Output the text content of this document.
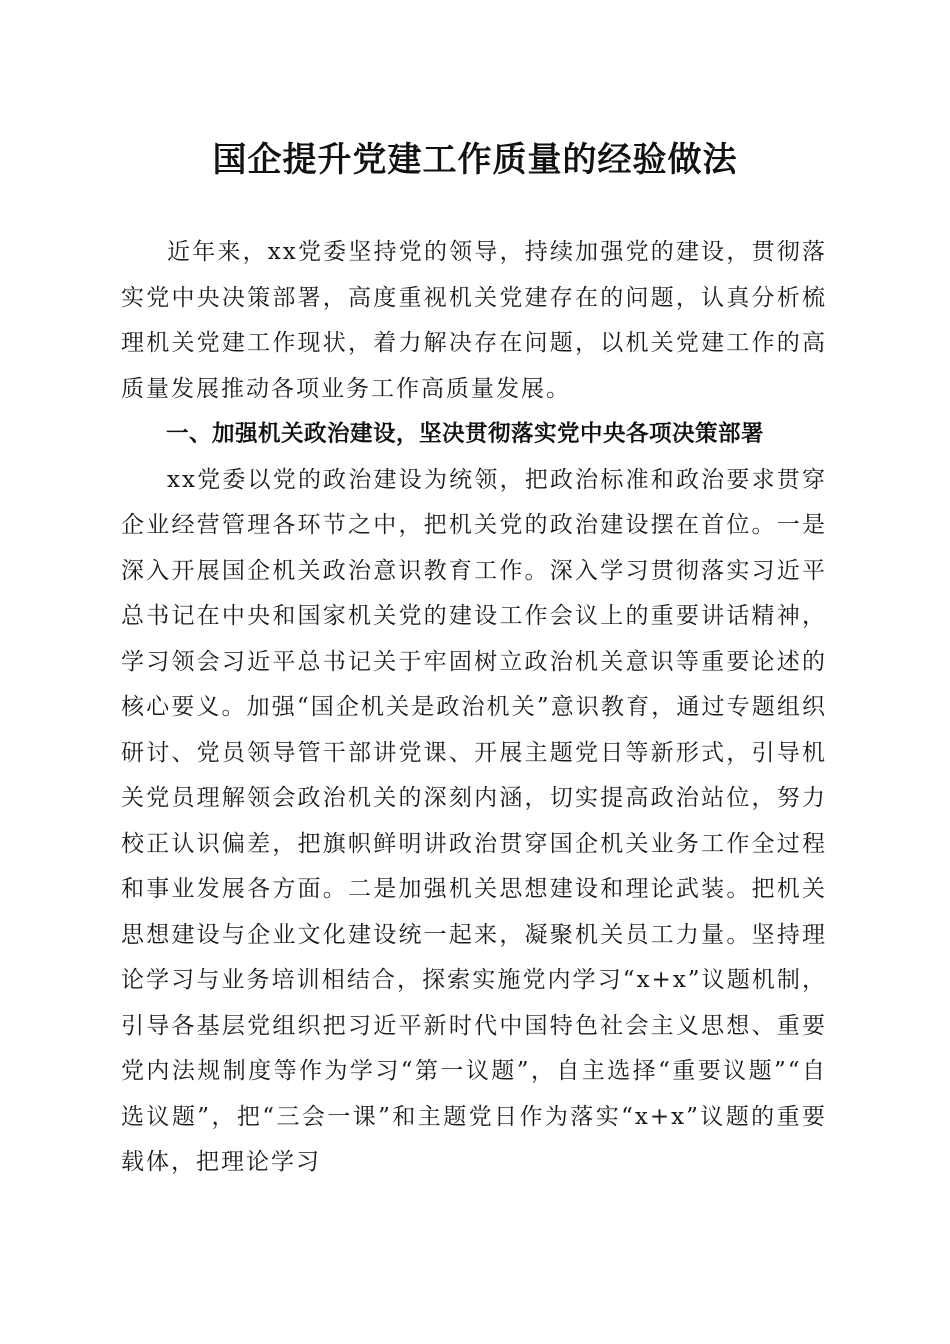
国企提升党建工作质量的经验做法

近年来，xx党委坚持党的领导，持续加强党的建设，贯彻落实党中央决策部署，高度重视机关党建存在的问题，认真分析梳理机关党建工作现状，着力解决存在问题，以机关党建工作的高质量发展推动各项业务工作高质量发展。

一、加强机关政治建设，坚决贯彻落实党中央各项决策部署

xx党委以党的政治建设为统领，把政治标准和政治要求贯穿企业经营管理各环节之中，把机关党的政治建设摆在首位。一是深入开展国企机关政治意识教育工作。深入学习贯彻落实习近平总书记在中央和国家机关党的建设工作会议上的重要讲话精神，学习领会习近平总书记关于牢固树立政治机关意识等重要论述的核心要义。加强“国企机关是政治机关”意识教育，通过专题组织研讨、党员领导管干部讲党课、开展主题党日等新形式，引导机关党员理解领会政治机关的深刻内涵，切实提高政治站位，努力校正认识偏差，把旗帜鲜明讲政治贯穿国企机关业务工作全过程和事业发展各方面。二是加强机关思想建设和理论武装。把机关思想建设与企业文化建设统一起来，凝聚机关员工力量。坚持理论学习与业务培训相结合，探索实施党内学习“x+x”议题机制，引导各基层党组织把习近平新时代中国特色社会主义思想、重要党内法规制度等作为学习“第一议题”，自主选择“重要议题”“自选议题”，把“三会一课”和主题党日作为落实“x+x”议题的重要载体，把理论学习
